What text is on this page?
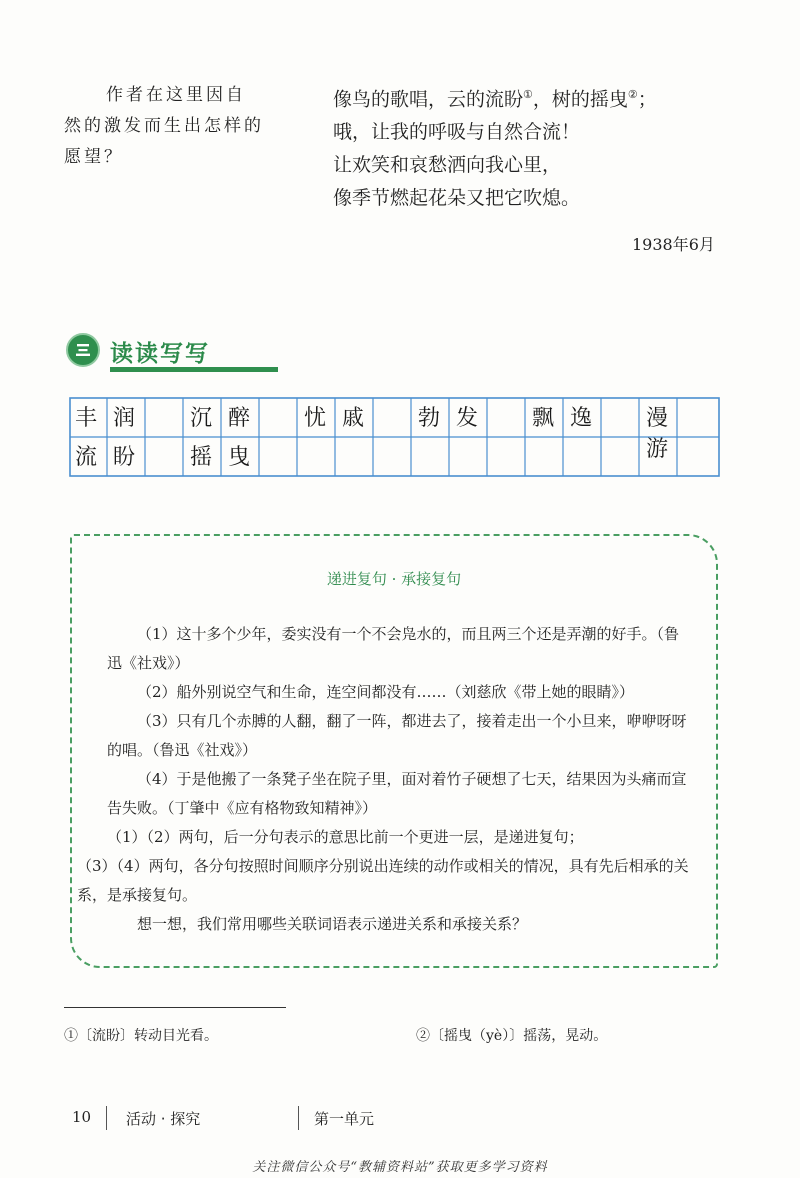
作者在这里因自然的激发而生出怎样的愿望？
像鸟的歌唱，云的流盼①，树的摇曳②；
哦，让我的呼吸与自然合流！
让欢笑和哀愁洒向我心里，
像季节燃起花朵又把它吹熄。
1938年6月
读读写写
丰润 沉醉 忧戚 勃发 飘逸 漫游
流盼 摇曳
递进复句 · 承接复句

（1）这十多个少年，委实没有一个不会凫水的，而且两三个还是弄潮的好手。（鲁迅《社戏》）

（2）船外别说空气和生命，连空间都没有……（刘慈欣《带上她的眼睛》）

（3）只有几个赤膊的人翻，翻了一阵，都进去了，接着走出一个小旦来，咿咿呀呀的唱。（鲁迅《社戏》）

（4）于是他搬了一条凳子坐在院子里，面对着竹子硬想了七天，结果因为头痛而宣告失败。（丁肇中《应有格物致知精神》）

（1）（2）两句，后一分句表示的意思比前一个更进一层，是递进复句；

（3）（4）两句，各分句按照时间顺序分别说出连续的动作或相关的情况，具有先后相承的关系，是承接复句。

想一想，我们常用哪些关联词语表示递进关系和承接关系？

①〔流盼〕转动目光看。	②〔摇曳（yè）〕摇荡，晃动。
10 活动 · 探究	第一单元
关注微信公众号“教辅资料站”获取更多学习资料
